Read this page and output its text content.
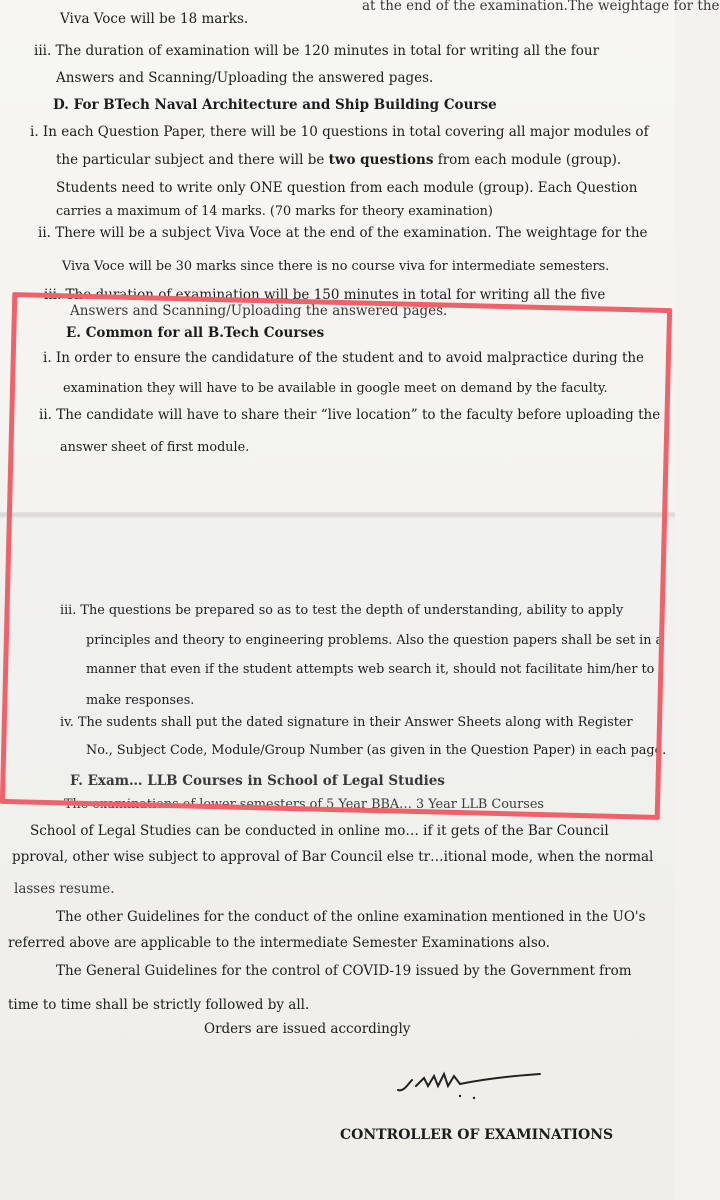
at the end of the examination.The weightage for the
Viva Voce will be 18 marks.
iii. The duration of examination will be 120 minutes in total for writing all the four
Answers and Scanning/Uploading the answered pages.
D. For BTech Naval Architecture and Ship Building Course
i. In each Question Paper, there will be 10 questions in total covering all major modules of
the particular subject and there will be two questions from each module (group).
Students need to write only ONE question from each module (group). Each Question
carries a maximum of 14 marks. (70 marks for theory examination)
ii. There will be a subject Viva Voce at the end of the examination. The weightage for the
Viva Voce will be 30 marks since there is no course viva for intermediate semesters.
iii. The duration of examination will be 150 minutes in total for writing all the five
Answers and Scanning/Uploading the answered pages.
E. Common for all B.Tech Courses
i. In order to ensure the candidature of the student and to avoid malpractice during the
examination they will have to be available in google meet on demand by the faculty.
ii. The candidate will have to share their “live location” to the faculty before uploading the
answer sheet of first module.
iii. The questions be prepared so as to test the depth of understanding, ability to apply
principles and theory to engineering problems. Also the question papers shall be set in a
manner that even if the student attempts web search it, should not facilitate him/her to
make responses.
iv. The sudents shall put the dated signature in their Answer Sheets along with Register
No., Subject Code, Module/Group Number (as given in the Question Paper) in each page.
F. Exam… LLB Courses in School of Legal Studies
The examinations of lower semesters of 5 Year BBA… 3 Year LLB Courses
School of Legal Studies can be conducted in online mo… if it gets of the Bar Council
pproval, other wise subject to approval of Bar Council else tr…itional mode, when the normal
lasses resume.
The other Guidelines for the conduct of the online examination mentioned in the UO's
referred above are applicable to the intermediate Semester Examinations also.
The General Guidelines for the control of COVID-19 issued by the Government from
time to time shall be strictly followed by all.
Orders are issued accordingly
CONTROLLER OF EXAMINATIONS
